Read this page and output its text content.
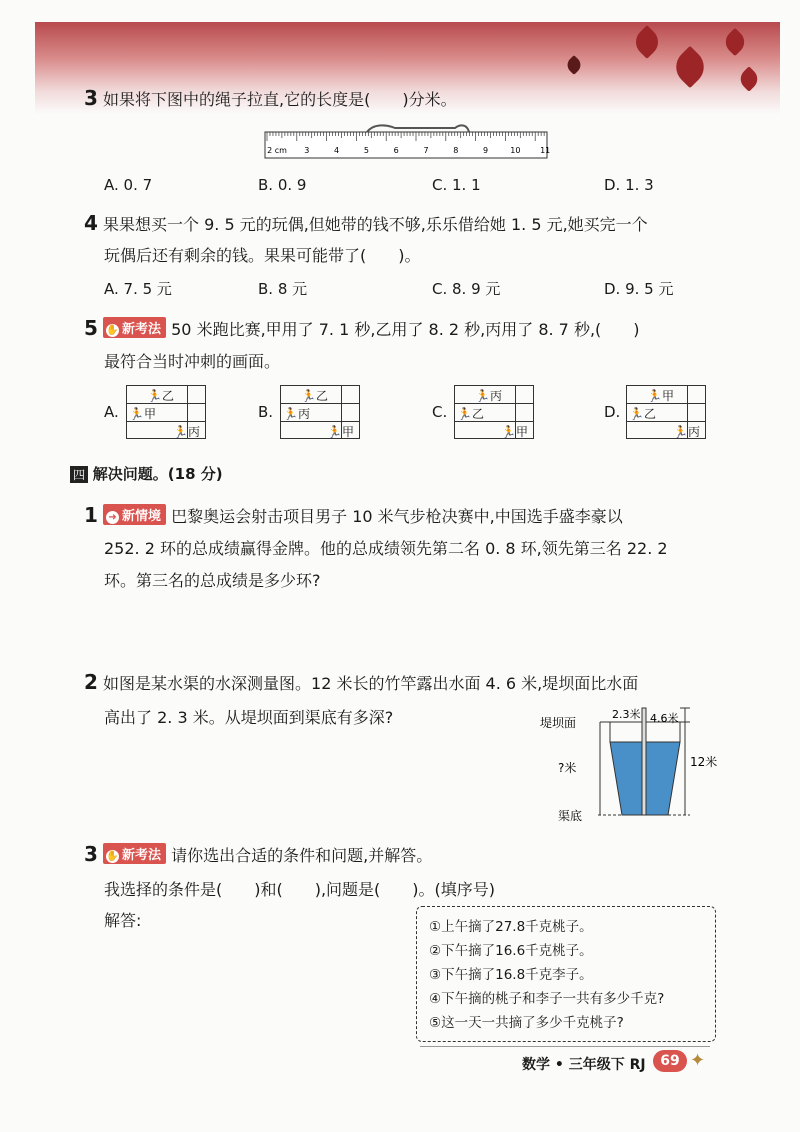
3 如果将下图中的绳子拉直,它的长度是(　　)分米。
2 cm 3	4	5	6	7	8	9	10 11
A. 0. 7	B. 0. 9	C. 1. 1	D. 1. 3
4 果果想买一个 9. 5 元的玩偶,但她带的钱不够,乐乐借给她 1. 5 元,她买完一个
玩偶后还有剩余的钱。果果可能带了(　　)。
A. 7. 5 元	B. 8 元	C. 8. 9 元	D. 9. 5 元
5 ✋ 新考法 50 米跑比赛,甲用了 7. 1 秒,乙用了 8. 2 秒,丙用了 8. 7 秒,(　　)
最符合当时冲刺的画面。
A.
🏃乙
🏃甲
🏃丙
B.
🏃乙
🏃丙
🏃甲
C.
🏃丙
🏃乙
🏃甲
D.
🏃甲
🏃乙
🏃丙
四 解决问题。(18 分)
1 ➜ 新情境 巴黎奥运会射击项目男子 10 米气步枪决赛中,中国选手盛李豪以
252. 2 环的总成绩赢得金牌。他的总成绩领先第二名 0. 8 环,领先第三名 22. 2
环。第三名的总成绩是多少环?
2 如图是某水渠的水深测量图。12 米长的竹竿露出水面 4. 6 米,堤坝面比水面
高出了 2. 3 米。从堤坝面到渠底有多深?	堤坝面
2.3米 4.6米
?米	12米
渠底
3 ✋ 新考法 请你选出合适的条件和问题,并解答。
我选择的条件是(　　)和(　　),问题是(　　)。(填序号)
解答:	①上午摘了27.8千克桃子。
②下午摘了16.6千克桃子。
③下午摘了16.8千克李子。
④下午摘的桃子和李子一共有多少千克?
⑤这一天一共摘了多少千克桃子?
数学 • 三年级下 RJ	69 ✦
